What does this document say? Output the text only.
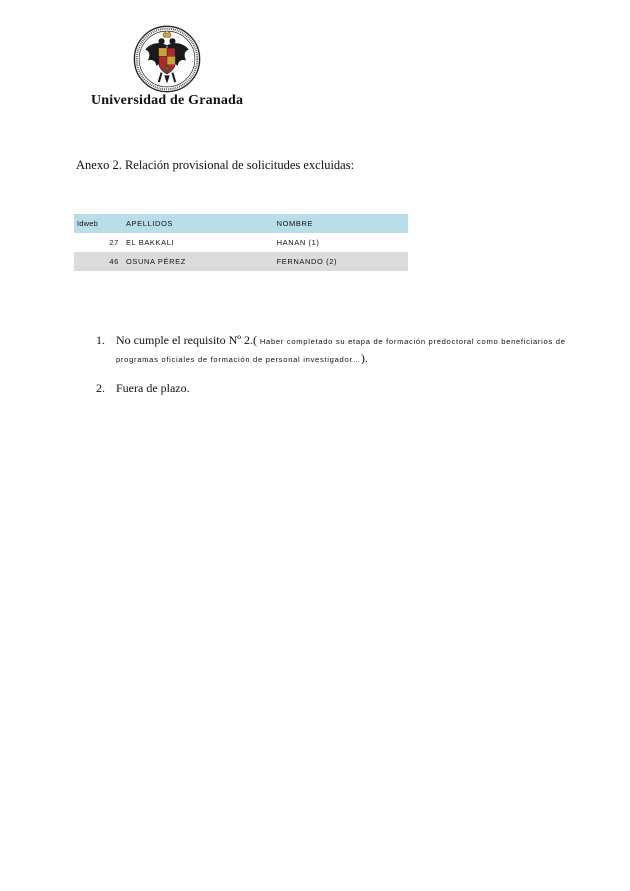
Universidad de Granada
Anexo 2. Relación provisional de solicitudes excluidas:
Idweb	APELLIDOS	NOMBRE
27	EL BAKKALI	HANAN (1)
46	OSUNA PÉREZ	FERNANDO (2)
1. No cumple el requisito Nº 2.( Haber completado su etapa de formación predoctoral como beneficiarios de programas oficiales de formación de personal investigador…).
2. Fuera de plazo.
